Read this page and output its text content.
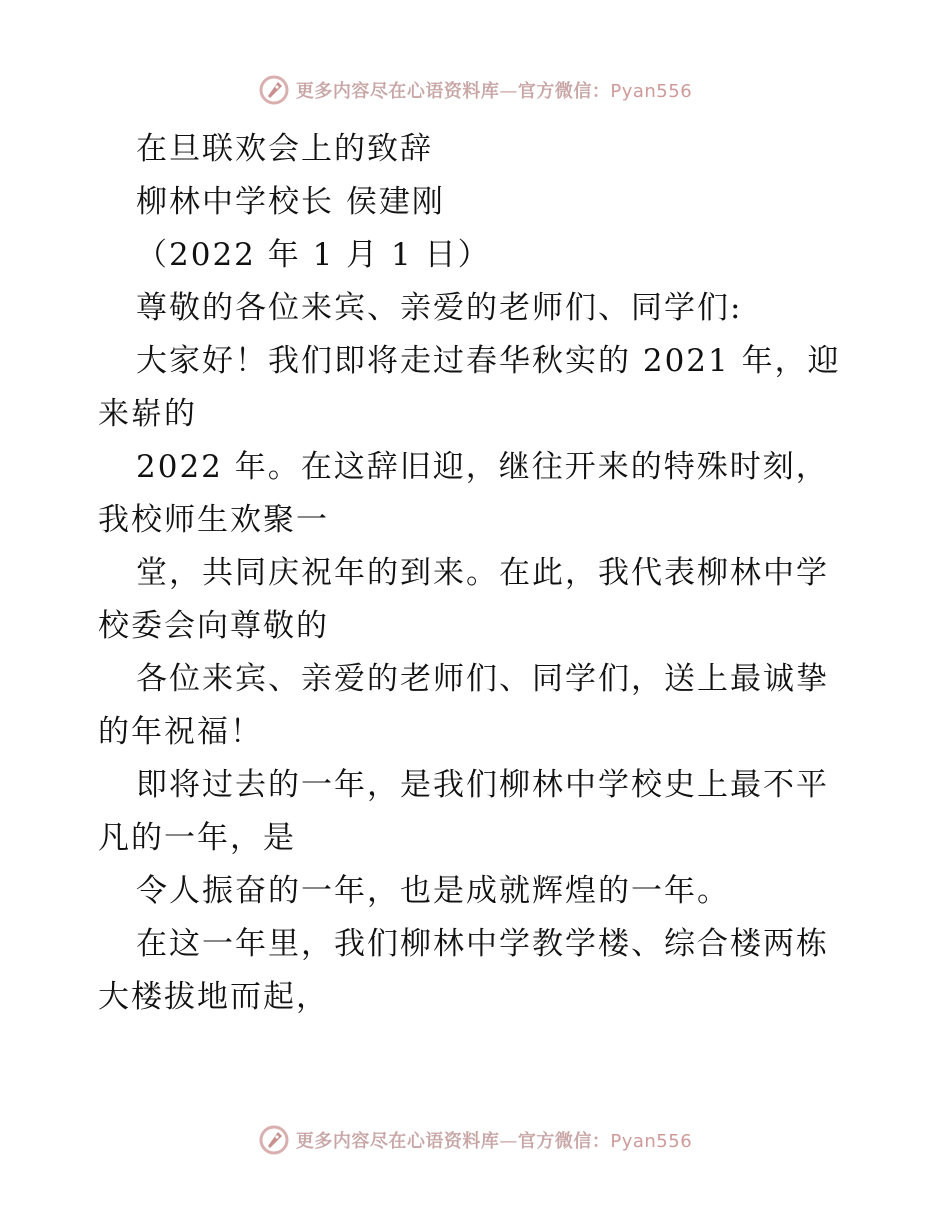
更多内容尽在心语资料库—官方微信：Pyan556
在旦联欢会上的致辞
柳林中学校长 侯建刚
（2022 年 1 月 1 日）
尊敬的各位来宾、亲爱的老师们、同学们:
大家好！我们即将走过春华秋实的 2021 年，迎
来崭的
2022 年。在这辞旧迎，继往开来的特殊时刻，
我校师生欢聚一
堂，共同庆祝年的到来。在此，我代表柳林中学
校委会向尊敬的
各位来宾、亲爱的老师们、同学们，送上最诚挚
的年祝福！
即将过去的一年，是我们柳林中学校史上最不平
凡的一年，是
令人振奋的一年，也是成就辉煌的一年。
在这一年里，我们柳林中学教学楼、综合楼两栋
大楼拔地而起，
更多内容尽在心语资料库—官方微信：Pyan556
